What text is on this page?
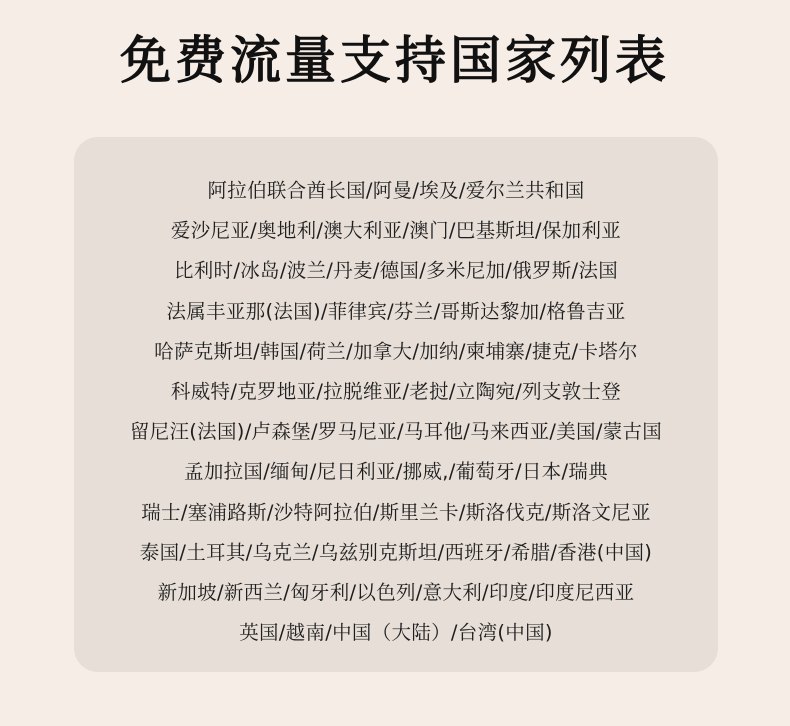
免费流量支持国家列表
阿拉伯联合酋长国/阿曼/埃及/爱尔兰共和国
爱沙尼亚/奥地利/澳大利亚/澳门/巴基斯坦/保加利亚
比利时/冰岛/波兰/丹麦/德国/多米尼加/俄罗斯/法国
法属丰亚那(法国)/菲律宾/芬兰/哥斯达黎加/格鲁吉亚
哈萨克斯坦/韩国/荷兰/加拿大/加纳/柬埔寨/捷克/卡塔尔
科威特/克罗地亚/拉脱维亚/老挝/立陶宛/列支敦士登
留尼汪(法国)/卢森堡/罗马尼亚/马耳他/马来西亚/美国/蒙古国
孟加拉国/缅甸/尼日利亚/挪威,/葡萄牙/日本/瑞典
瑞士/塞浦路斯/沙特阿拉伯/斯里兰卡/斯洛伐克/斯洛文尼亚
泰国/土耳其/乌克兰/乌兹别克斯坦/西班牙/希腊/香港(中国)
新加坡/新西兰/匈牙利/以色列/意大利/印度/印度尼西亚
英国/越南/中国（大陆）/台湾(中国)
